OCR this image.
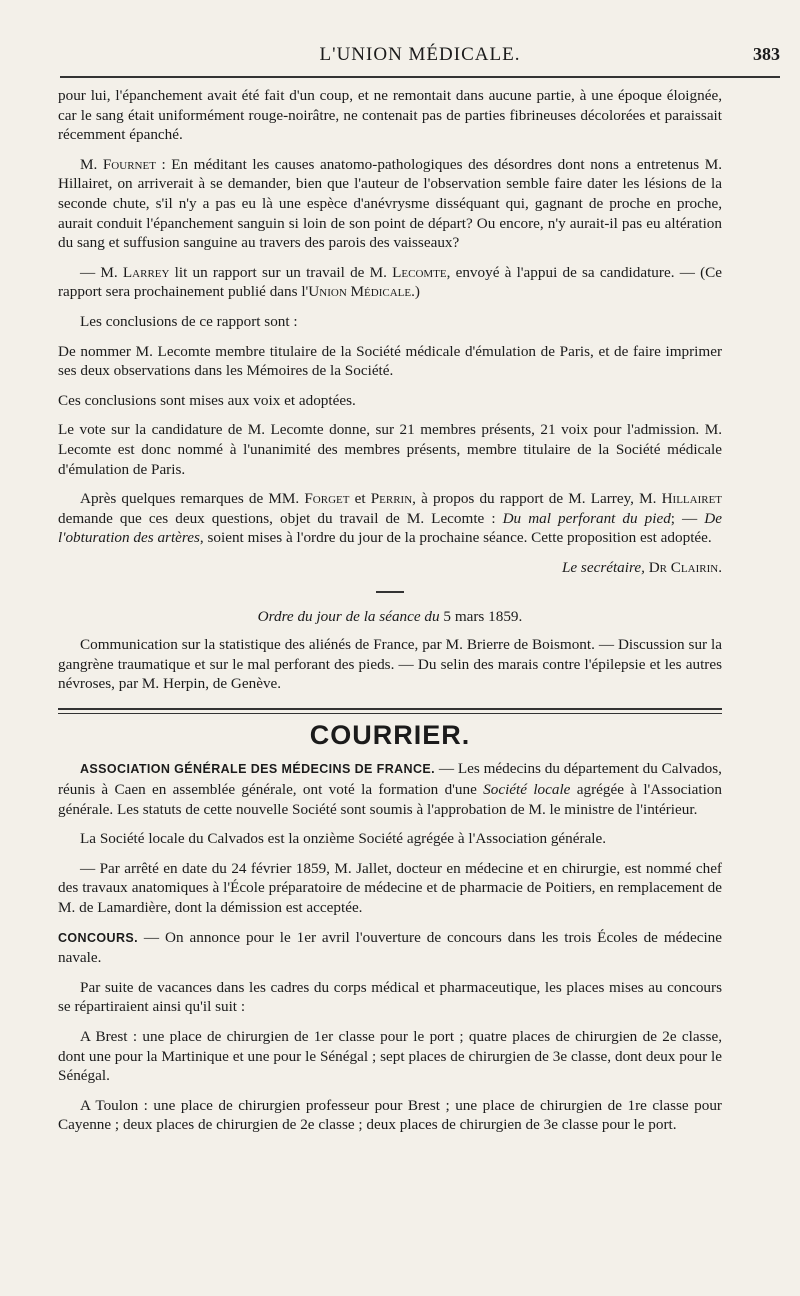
L'UNION MÉDICALE.	383

pour lui, l'épanchement avait été fait d'un coup, et ne remontait dans aucune partie, à une époque éloignée, car le sang était uniformément rouge-noirâtre, ne contenait pas de parties fibrineuses décolorées et paraissait récemment épanché.

M. Fournet : En méditant les causes anatomo-pathologiques des désordres dont nons a entretenus M. Hillairet, on arriverait à se demander, bien que l'auteur de l'observation semble faire dater les lésions de la seconde chute, s'il n'y a pas eu là une espèce d'anévrysme disséquant qui, gagnant de proche en proche, aurait conduit l'épanchement sanguin si loin de son point de départ? Ou encore, n'y aurait-il pas eu altération du sang et suffusion sanguine au travers des parois des vaisseaux?

— M. Larrey lit un rapport sur un travail de M. Lecomte, envoyé à l'appui de sa candidature. — (Ce rapport sera prochainement publié dans l'Union Médicale.)

Les conclusions de ce rapport sont :

De nommer M. Lecomte membre titulaire de la Société médicale d'émulation de Paris, et de faire imprimer ses deux observations dans les Mémoires de la Société.

Ces conclusions sont mises aux voix et adoptées.

Le vote sur la candidature de M. Lecomte donne, sur 21 membres présents, 21 voix pour l'admission. M. Lecomte est donc nommé à l'unanimité des membres présents, membre titulaire de la Société médicale d'émulation de Paris.

Après quelques remarques de MM. Forget et Perrin, à propos du rapport de M. Larrey, M. Hillairet demande que ces deux questions, objet du travail de M. Lecomte : Du mal perforant du pied; — De l'obturation des artères, soient mises à l'ordre du jour de la prochaine séance. Cette proposition est adoptée.

Le secrétaire, Dr Clairin.

Ordre du jour de la séance du 5 mars 1859.

Communication sur la statistique des aliénés de France, par M. Brierre de Boismont. — Discussion sur la gangrène traumatique et sur le mal perforant des pieds. — Du selin des marais contre l'épilepsie et les autres névroses, par M. Herpin, de Genève.

COURRIER.

ASSOCIATION GÉNÉRALE DES MÉDECINS DE FRANCE. — Les médecins du département du Calvados, réunis à Caen en assemblée générale, ont voté la formation d'une Société locale agrégée à l'Association générale. Les statuts de cette nouvelle Société sont soumis à l'approbation de M. le ministre de l'intérieur.

La Société locale du Calvados est la onzième Société agrégée à l'Association générale.

— Par arrêté en date du 24 février 1859, M. Jallet, docteur en médecine et en chirurgie, est nommé chef des travaux anatomiques à l'École préparatoire de médecine et de pharmacie de Poitiers, en remplacement de M. de Lamardière, dont la démission est acceptée.

CONCOURS. — On annonce pour le 1er avril l'ouverture de concours dans les trois Écoles de médecine navale.

Par suite de vacances dans les cadres du corps médical et pharmaceutique, les places mises au concours se répartiraient ainsi qu'il suit :

A Brest : une place de chirurgien de 1er classe pour le port ; quatre places de chirurgien de 2e classe, dont une pour la Martinique et une pour le Sénégal ; sept places de chirurgien de 3e classe, dont deux pour le Sénégal.

A Toulon : une place de chirurgien professeur pour Brest ; une place de chirurgien de 1re classe pour Cayenne ; deux places de chirurgien de 2e classe ; deux places de chirurgien de 3e classe pour le port.
